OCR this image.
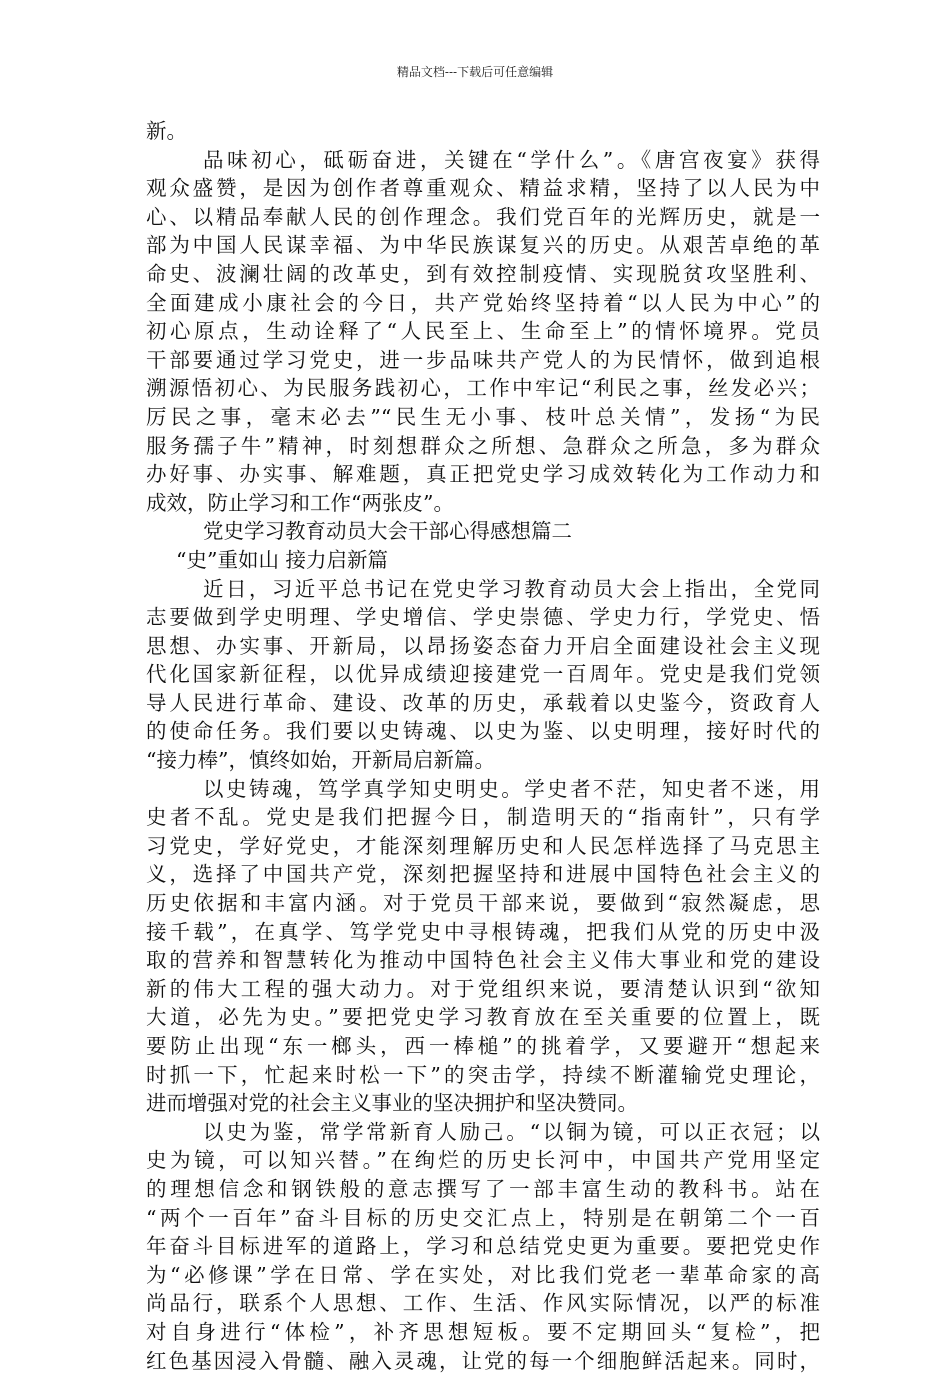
精品文档---下载后可任意编辑
新。
品味初心，砥砺奋进，关键在“学什么”。《唐宫夜宴》获得
观众盛赞，是因为创作者尊重观众、精益求精，坚持了以人民为中
心、以精品奉献人民的创作理念。我们党百年的光辉历史，就是一
部为中国人民谋幸福、为中华民族谋复兴的历史。从艰苦卓绝的革
命史、波澜壮阔的改革史，到有效控制疫情、实现脱贫攻坚胜利、
全面建成小康社会的今日，共产党始终坚持着“以人民为中心”的
初心原点，生动诠释了“人民至上、生命至上”的情怀境界。党员
干部要通过学习党史，进一步品味共产党人的为民情怀，做到追根
溯源悟初心、为民服务践初心，工作中牢记“利民之事，丝发必兴；
厉民之事，毫末必去”“民生无小事、枝叶总关情”，发扬“为民
服务孺子牛”精神，时刻想群众之所想、急群众之所急，多为群众
办好事、办实事、解难题，真正把党史学习成效转化为工作动力和
成效，防止学习和工作“两张皮”。
党史学习教育动员大会干部心得感想篇二
“史”重如山 接力启新篇
近日，习近平总书记在党史学习教育动员大会上指出，全党同
志要做到学史明理、学史增信、学史崇德、学史力行，学党史、悟
思想、办实事、开新局，以昂扬姿态奋力开启全面建设社会主义现
代化国家新征程，以优异成绩迎接建党一百周年。党史是我们党领
导人民进行革命、建设、改革的历史，承载着以史鉴今，资政育人
的使命任务。我们要以史铸魂、以史为鉴、以史明理，接好时代的
“接力棒”，慎终如始，开新局启新篇。
以史铸魂，笃学真学知史明史。学史者不茫，知史者不迷，用
史者不乱。党史是我们把握今日，制造明天的“指南针”，只有学
习党史，学好党史，才能深刻理解历史和人民怎样选择了马克思主
义，选择了中国共产党，深刻把握坚持和进展中国特色社会主义的
历史依据和丰富内涵。对于党员干部来说，要做到“寂然凝虑，思
接千载”，在真学、笃学党史中寻根铸魂，把我们从党的历史中汲
取的营养和智慧转化为推动中国特色社会主义伟大事业和党的建设
新的伟大工程的强大动力。对于党组织来说，要清楚认识到“欲知
大道，必先为史。”要把党史学习教育放在至关重要的位置上，既
要防止出现“东一榔头，西一棒槌”的挑着学，又要避开“想起来
时抓一下，忙起来时松一下”的突击学，持续不断灌输党史理论，
进而增强对党的社会主义事业的坚决拥护和坚决赞同。
以史为鉴，常学常新育人励己。“以铜为镜，可以正衣冠；以
史为镜，可以知兴替。”在绚烂的历史长河中，中国共产党用坚定
的理想信念和钢铁般的意志撰写了一部丰富生动的教科书。站在
“两个一百年”奋斗目标的历史交汇点上，特别是在朝第二个一百
年奋斗目标进军的道路上，学习和总结党史更为重要。要把党史作
为“必修课”学在日常、学在实处，对比我们党老一辈革命家的高
尚品行，联系个人思想、工作、生活、作风实际情况，以严的标准
对自身进行“体检”，补齐思想短板。要不定期回头“复检”，把
红色基因浸入骨髓、融入灵魂，让党的每一个细胞鲜活起来。同时，
